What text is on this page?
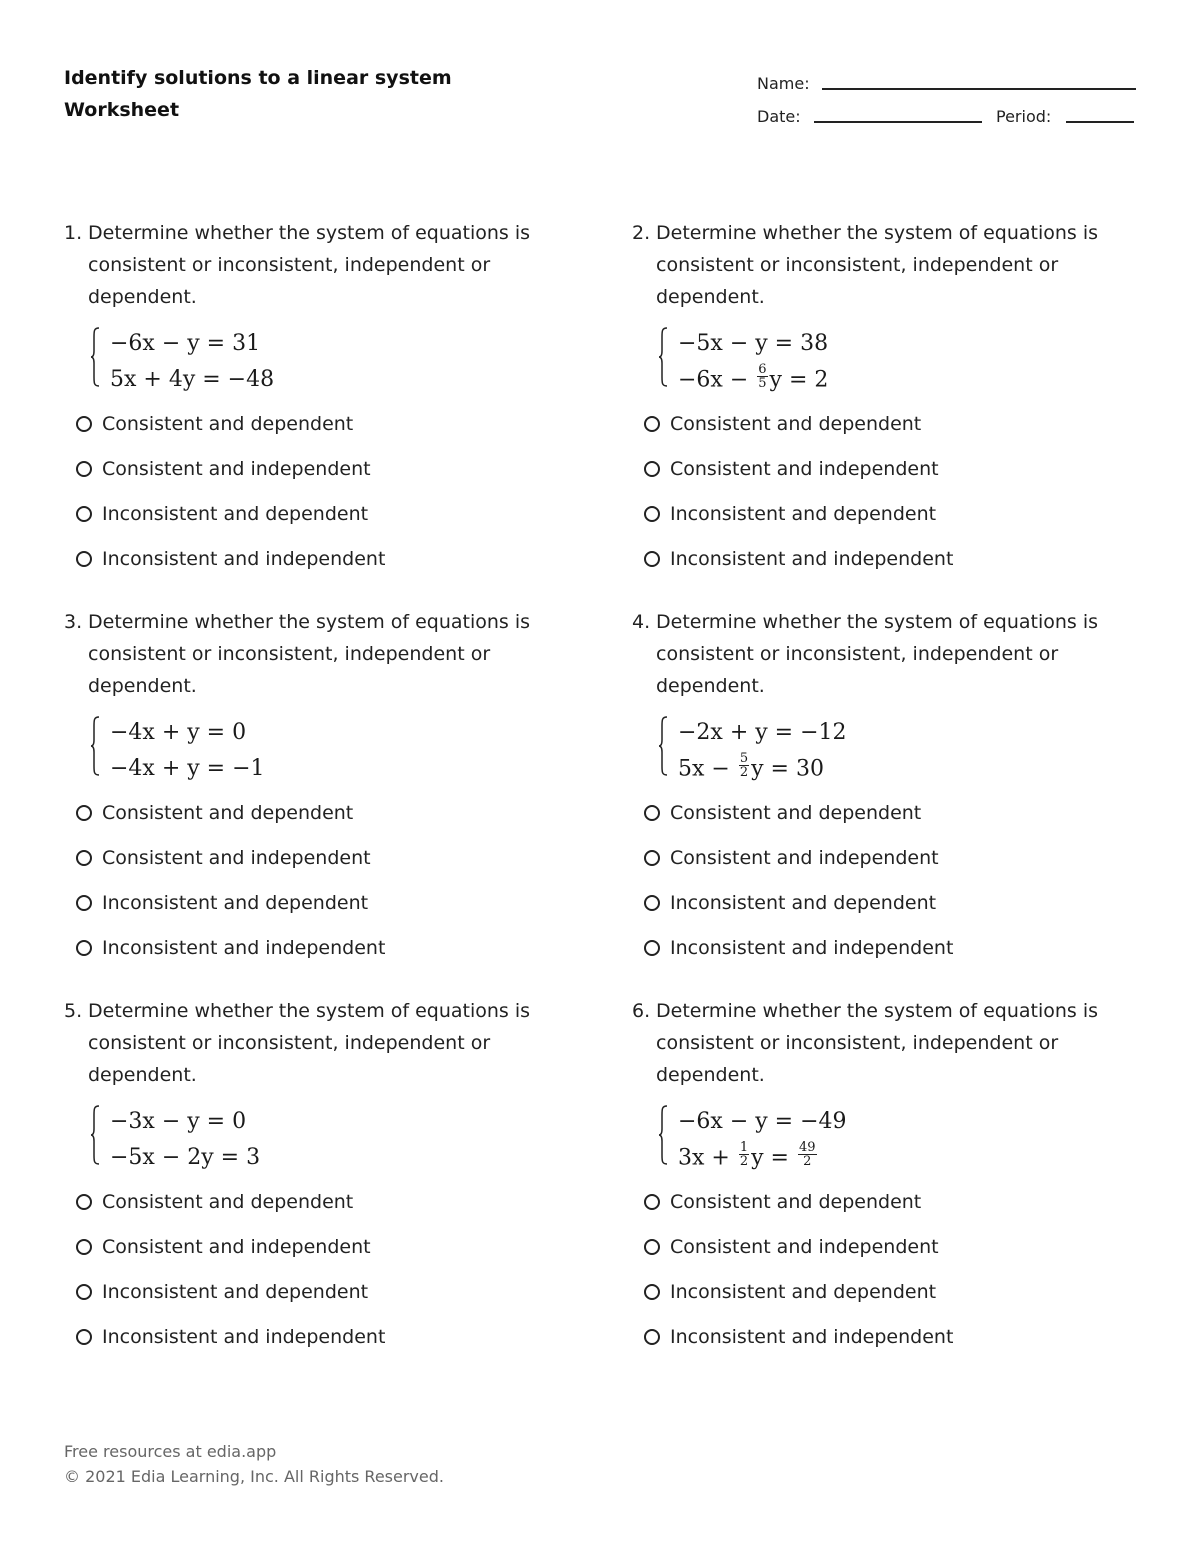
Identify solutions to a linear system
Worksheet
Name:
Date:	Period:
1. Determine whether the system of equations is consistent or inconsistent, independent or dependent.
−6x − y = 31
5x + 4y = −48
Consistent and dependent
Consistent and independent
Inconsistent and dependent
Inconsistent and independent
2. Determine whether the system of equations is consistent or inconsistent, independent or dependent.
−5x − y = 38
$-6x - \frac{6}{5}$ y = 2
Consistent and dependent
Consistent and independent
Inconsistent and dependent
Inconsistent and independent
3. Determine whether the system of equations is consistent or inconsistent, independent or dependent.
−4x + y = 0
−4x + y = −1
Consistent and dependent
Consistent and independent
Inconsistent and dependent
Inconsistent and independent
4. Determine whether the system of equations is consistent or inconsistent, independent or dependent.
−2x + y = −12
$5x - \frac{5}{2}$ y = 30
Consistent and dependent
Consistent and independent
Inconsistent and dependent
Inconsistent and independent
5. Determine whether the system of equations is consistent or inconsistent, independent or dependent.
−3x − y = 0
−5x − 2y = 3
Consistent and dependent
Consistent and independent
Inconsistent and dependent
Inconsistent and independent
6. Determine whether the system of equations is consistent or inconsistent, independent or dependent.
−6x − y = −49
$3x + \frac{1}{2}$ $y = \frac{49}{2}$
Consistent and dependent
Consistent and independent
Inconsistent and dependent
Inconsistent and independent
Free resources at edia.app
© 2021 Edia Learning, Inc. All Rights Reserved.
